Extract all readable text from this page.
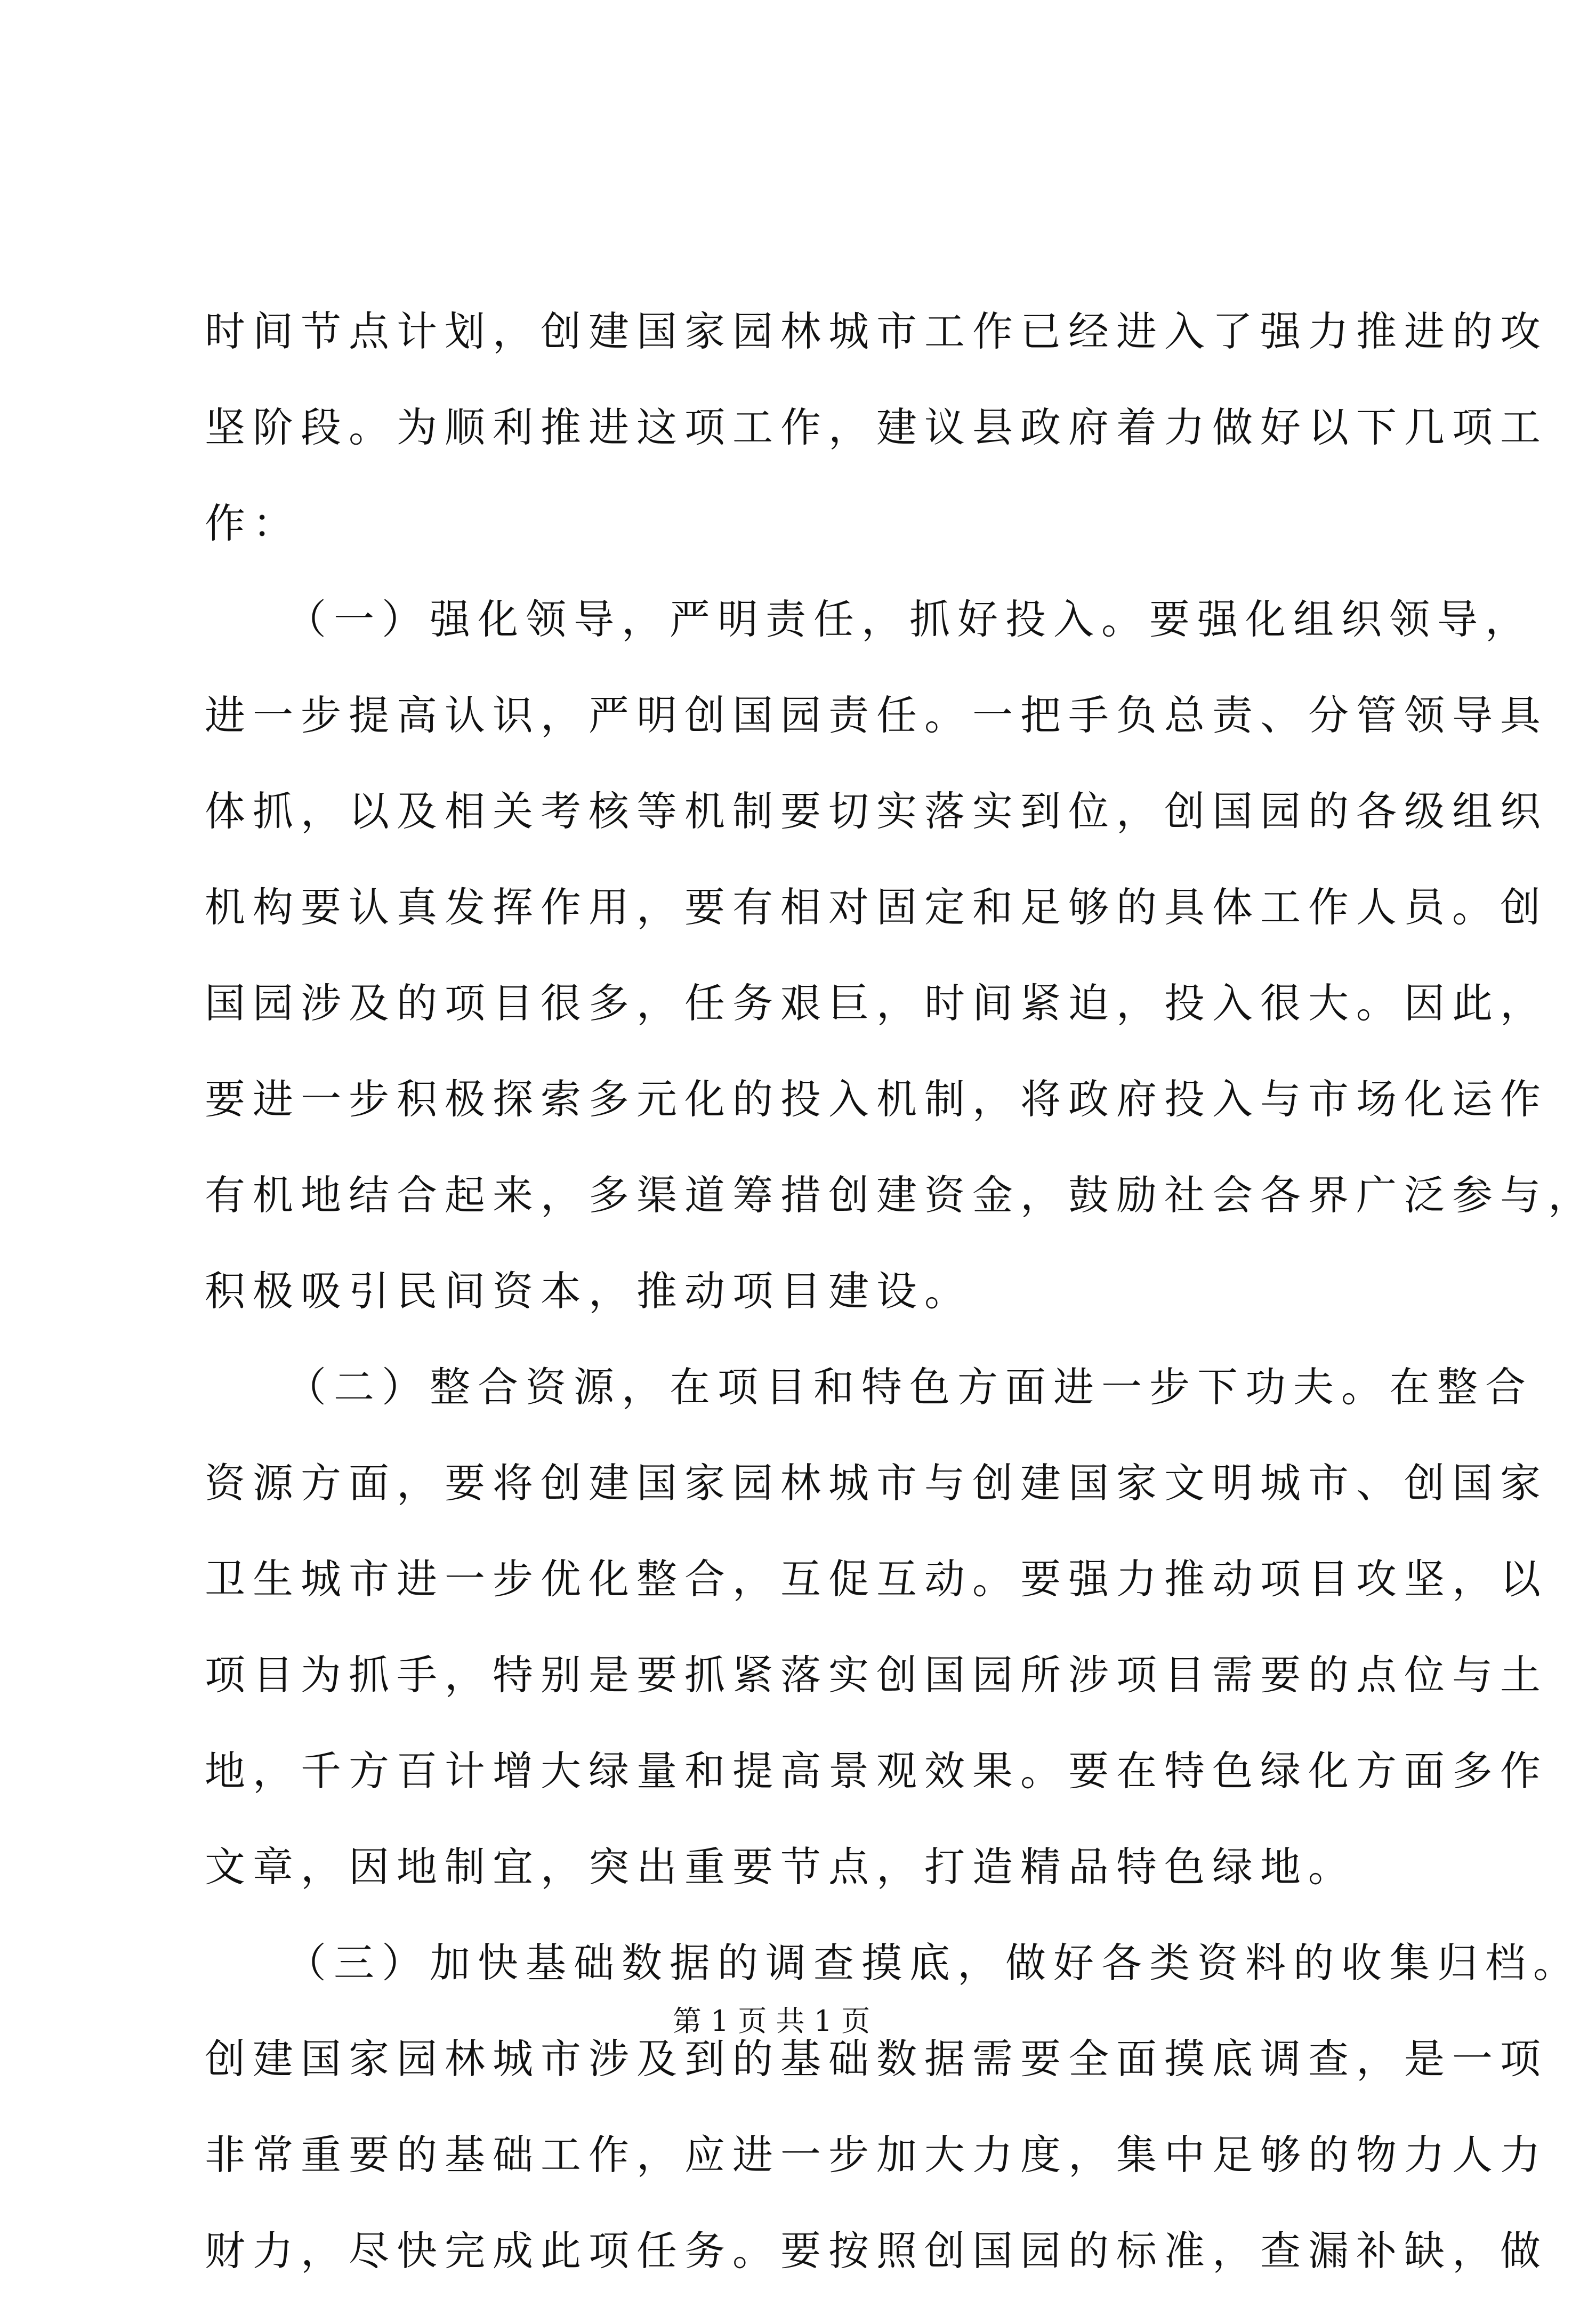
时间节点计划，创建国家园林城市工作已经进入了强力推进的攻
坚阶段。为顺利推进这项工作，建议县政府着力做好以下几项工
作：
（一）强化领导，严明责任，抓好投入。要强化组织领导，
进一步提高认识，严明创国园责任。一把手负总责、分管领导具
体抓，以及相关考核等机制要切实落实到位，创国园的各级组织
机构要认真发挥作用，要有相对固定和足够的具体工作人员。创
国园涉及的项目很多，任务艰巨，时间紧迫，投入很大。因此，
要进一步积极探索多元化的投入机制，将政府投入与市场化运作
有机地结合起来，多渠道筹措创建资金，鼓励社会各界广泛参与，
积极吸引民间资本，推动项目建设。
（二）整合资源，在项目和特色方面进一步下功夫。在整合
资源方面，要将创建国家园林城市与创建国家文明城市、创国家
卫生城市进一步优化整合，互促互动。要强力推动项目攻坚，以
项目为抓手，特别是要抓紧落实创国园所涉项目需要的点位与土
地，千方百计增大绿量和提高景观效果。要在特色绿化方面多作
文章，因地制宜，突出重要节点，打造精品特色绿地。
（三）加快基础数据的调查摸底，做好各类资料的收集归档。
创建国家园林城市涉及到的基础数据需要全面摸底调查，是一项
非常重要的基础工作，应进一步加大力度，集中足够的物力人力
财力，尽快完成此项任务。要按照创国园的标准，查漏补缺，做
第 1 页 共 1 页
